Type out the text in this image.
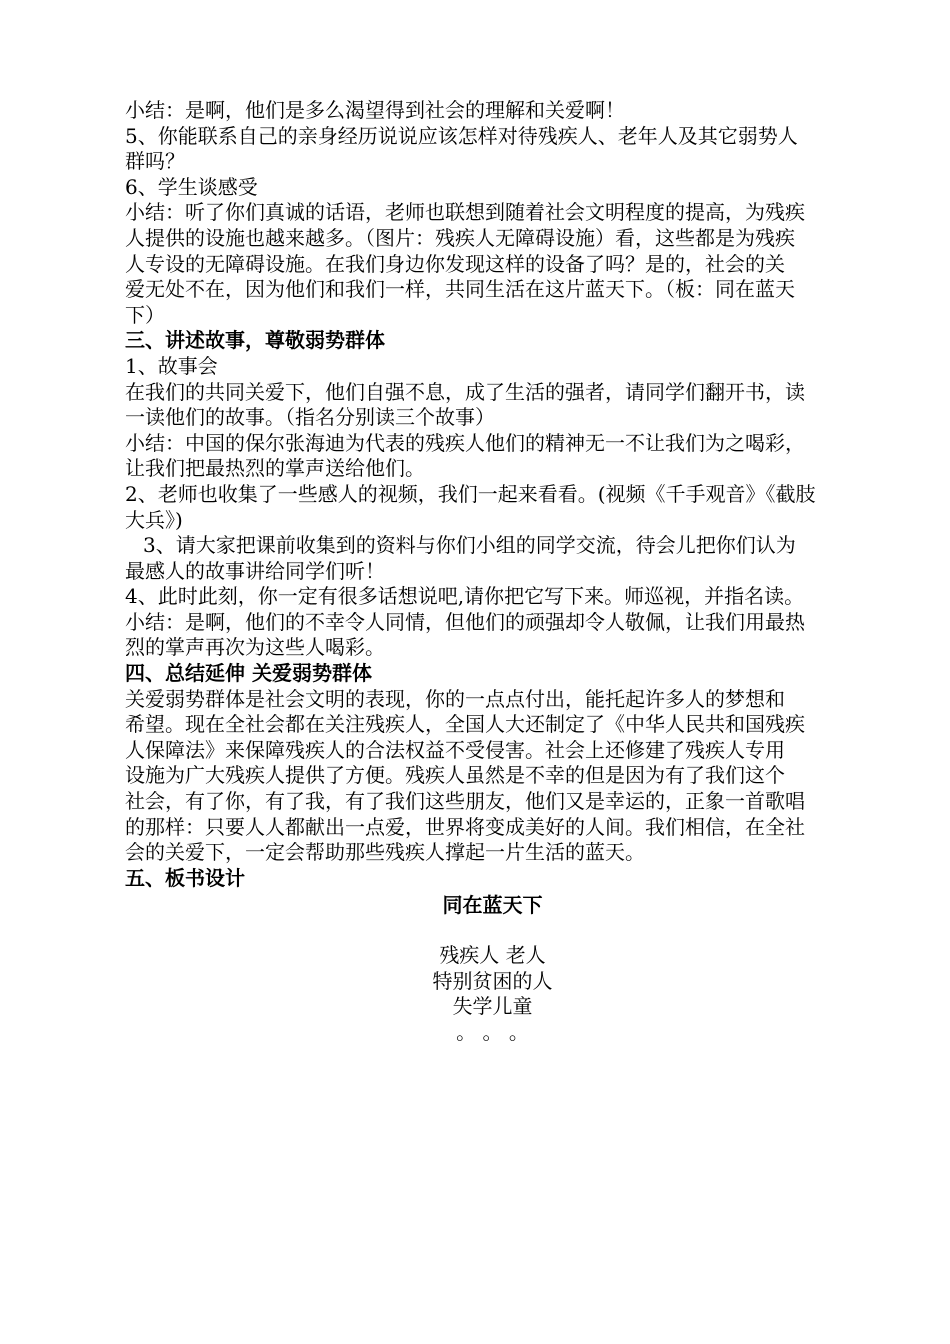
小结：是啊，他们是多么渴望得到社会的理解和关爱啊！
5、你能联系自己的亲身经历说说应该怎样对待残疾人、老年人及其它弱势人
群吗？
6、学生谈感受
小结：听了你们真诚的话语，老师也联想到随着社会文明程度的提高，为残疾
人提供的设施也越来越多。（图片：残疾人无障碍设施）看，这些都是为残疾
人专设的无障碍设施。在我们身边你发现这样的设备了吗？是的，社会的关
爱无处不在，因为他们和我们一样，共同生活在这片蓝天下。（板：同在蓝天
下）
三、讲述故事，尊敬弱势群体
1、故事会
在我们的共同关爱下，他们自强不息，成了生活的强者，请同学们翻开书，读
一读他们的故事。（指名分别读三个故事）
小结：中国的保尔张海迪为代表的残疾人他们的精神无一不让我们为之喝彩，
让我们把最热烈的掌声送给他们。
2、老师也收集了一些感人的视频，我们一起来看看。(视频《千手观音》《截肢
大兵》)
3、请大家把课前收集到的资料与你们小组的同学交流，待会儿把你们认为
最感人的故事讲给同学们听！
4、此时此刻，你一定有很多话想说吧,请你把它写下来。师巡视，并指名读。
小结：是啊，他们的不幸令人同情，但他们的顽强却令人敬佩，让我们用最热
烈的掌声再次为这些人喝彩。
四、总结延伸 关爱弱势群体
关爱弱势群体是社会文明的表现，你的一点点付出，能托起许多人的梦想和
希望。现在全社会都在关注残疾人，全国人大还制定了《中华人民共和国残疾
人保障法》来保障残疾人的合法权益不受侵害。社会上还修建了残疾人专用
设施为广大残疾人提供了方便。残疾人虽然是不幸的但是因为有了我们这个
社会，有了你，有了我，有了我们这些朋友，他们又是幸运的，正象一首歌唱
的那样：只要人人都献出一点爱，世界将变成美好的人间。我们相信，在全社
会的关爱下，一定会帮助那些残疾人撑起一片生活的蓝天。
五、板书设计
同在蓝天下
残疾人 老人
特别贫困的人
失学儿童
。 。 。
